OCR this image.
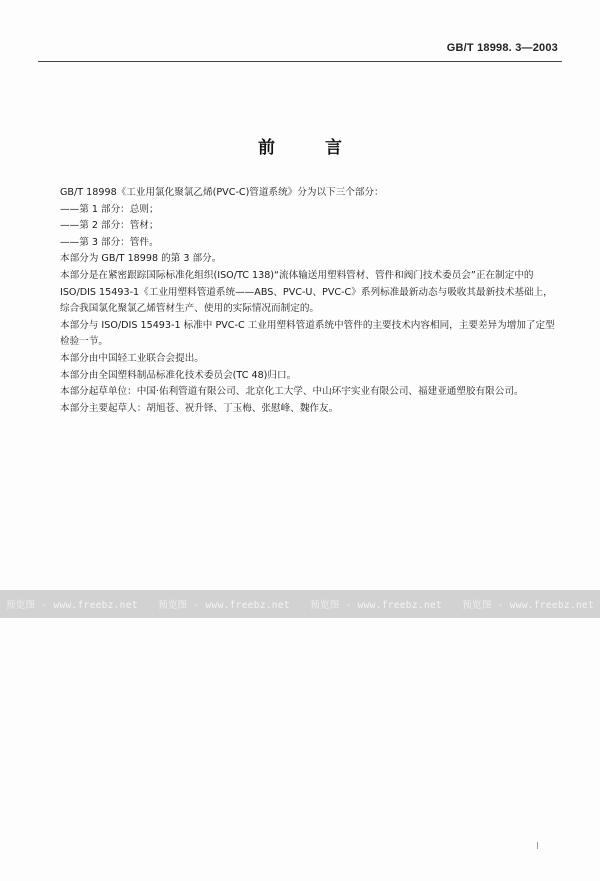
GB/T 18998. 3—2003
前 言

GB/T 18998《工业用氯化聚氯乙烯(PVC-C)管道系统》分为以下三个部分：

——第 1 部分：总则；

——第 2 部分：管材；

——第 3 部分：管件。

本部分为 GB/T 18998 的第 3 部分。

本部分是在紧密跟踪国际标准化组织(ISO/TC 138)“流体输送用塑料管材、管件和阀门技术委员会”正在制定中的 ISO/DIS 15493-1《工业用塑料管道系统——ABS、PVC-U、PVC-C》系列标准最新动态与吸收其最新技术基础上，综合我国氯化聚氯乙烯管材生产、使用的实际情况而制定的。

本部分与 ISO/DIS 15493-1 标准中 PVC-C 工业用塑料管道系统中管件的主要技术内容相同，主要差异为增加了定型检验一节。

本部分由中国轻工业联合会提出。

本部分由全国塑料制品标准化技术委员会(TC 48)归口。

本部分起草单位：中国·佑利管道有限公司、北京化工大学、中山环宇实业有限公司、福建亚通塑胶有限公司。

本部分主要起草人：胡旭苍、祝升铎、丁玉梅、张慰峰、魏作友。

预览图 - www.freebz.net 预览图 - www.freebz.net 预览图 - www.freebz.net 预览图 - www.freebz.net
